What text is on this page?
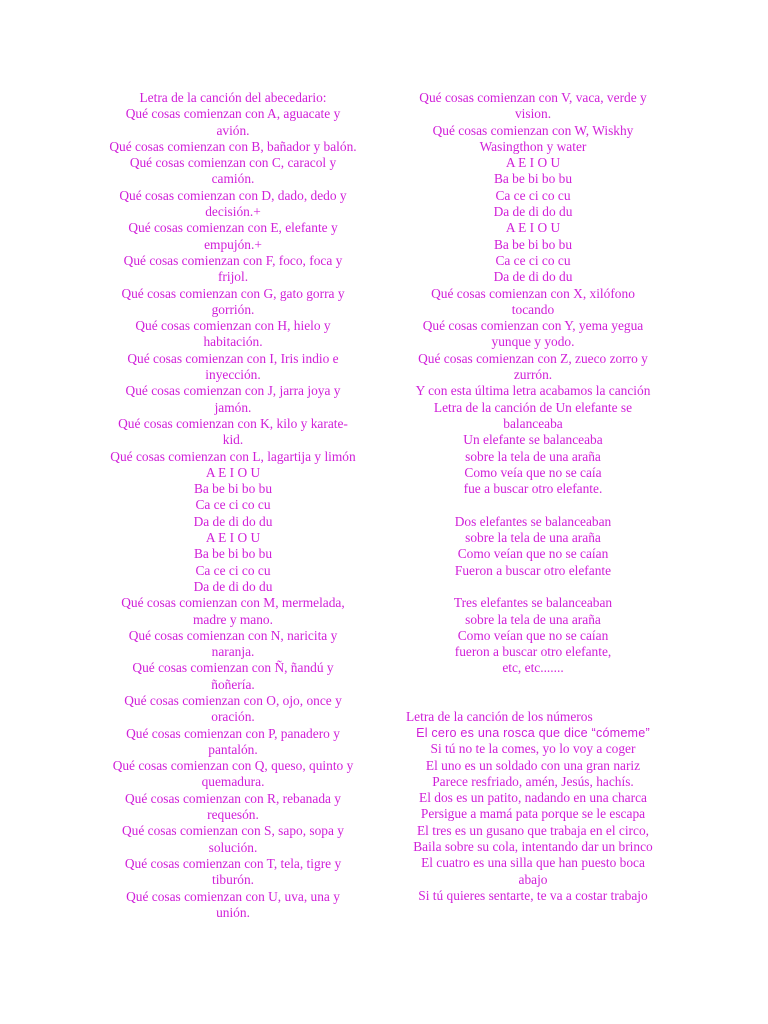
Letra de la canción del abecedario:
Qué cosas comienzan con A, aguacate y
avión.
Qué cosas comienzan con B, bañador y balón.
Qué cosas comienzan con C, caracol y
camión.
Qué cosas comienzan con D, dado, dedo y
decisión.+
Qué cosas comienzan con E, elefante y
empujón.+
Qué cosas comienzan con F, foco, foca y
frijol.
Qué cosas comienzan con G, gato gorra y
gorrión.
Qué cosas comienzan con H, hielo y
habitación.
Qué cosas comienzan con I, Iris indio e
inyección.
Qué cosas comienzan con J, jarra joya y
jamón.
Qué cosas comienzan con K, kilo y karate-
kid.
Qué cosas comienzan con L, lagartija y limón
A E I O U
Ba be bi bo bu
Ca ce ci co cu
Da de di do du
A E I O U
Ba be bi bo bu
Ca ce ci co cu
Da de di do du
Qué cosas comienzan con M, mermelada,
madre y mano.
Qué cosas comienzan con N, naricita y
naranja.
Qué cosas comienzan con Ñ, ñandú y
ñoñería.
Qué cosas comienzan con O, ojo, once y
oración.
Qué cosas comienzan con P, panadero y
pantalón.
Qué cosas comienzan con Q, queso, quinto y
quemadura.
Qué cosas comienzan con R, rebanada y
requesón.
Qué cosas comienzan con S, sapo, sopa y
solución.
Qué cosas comienzan con T, tela, tigre y
tiburón.
Qué cosas comienzan con U, uva, una y
unión.
Qué cosas comienzan con V, vaca, verde y
vision.
Qué cosas comienzan con W, Wiskhy
Wasingthon y water
A E I O U
Ba be bi bo bu
Ca ce ci co cu
Da de di do du
A E I O U
Ba be bi bo bu
Ca ce ci co cu
Da de di do du
Qué cosas comienzan con X, xilófono
tocando
Qué cosas comienzan con Y, yema yegua
yunque y yodo.
Qué cosas comienzan con Z, zueco zorro y
zurrón.
Y con esta última letra acabamos la canción
Letra de la canción de Un elefante se
balanceaba
Un elefante se balanceaba
sobre la tela de una araña
Como veía que no se caía
fue a buscar otro elefante.
Dos elefantes se balanceaban
sobre la tela de una araña
Como veían que no se caían
Fueron a buscar otro elefante
Tres elefantes se balanceaban
sobre la tela de una araña
Como veían que no se caían
fueron a buscar otro elefante,
etc, etc.......
Letra de la canción de los números
El cero es una rosca que dice “cómeme”
Si tú no te la comes, yo lo voy a coger
El uno es un soldado con una gran nariz
Parece resfriado, amén, Jesús, hachís.
El dos es un patito, nadando en una charca
Persigue a mamá pata porque se le escapa
El tres es un gusano que trabaja en el circo,
Baila sobre su cola, intentando dar un brinco
El cuatro es una silla que han puesto boca
abajo
Si tú quieres sentarte, te va a costar trabajo
